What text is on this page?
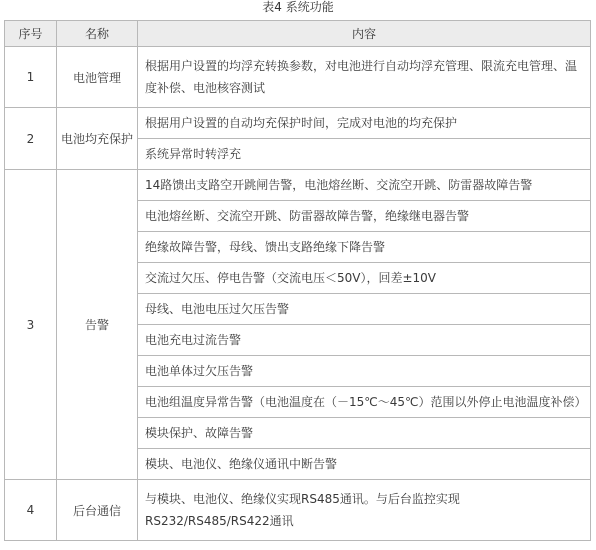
表4 系统功能
序号	名称	内容
1	电池管理	根据用户设置的均浮充转换参数，对电池进行自动均浮充管理、限流充电管理、温度补偿、电池核容测试
2	电池均充保护	根据用户设置的自动均充保护时间，完成对电池的均充保护
		系统异常时转浮充
3	告警	14路馈出支路空开跳闸告警，电池熔丝断、交流空开跳、防雷器故障告警
		电池熔丝断、交流空开跳、防雷器故障告警，绝缘继电器告警
		绝缘故障告警，母线、馈出支路绝缘下降告警
		交流过欠压、停电告警（交流电压＜50V），回差±10V
		母线、电池电压过欠压告警
		电池充电过流告警
		电池单体过欠压告警
		电池组温度异常告警（电池温度在（－15℃～45℃）范围以外停止电池温度补偿）
		模块保护、故障告警
		模块、电池仪、绝缘仪通讯中断告警
4	后台通信	与模块、电池仪、绝缘仪实现RS485通讯。与后台监控实现RS232/RS485/RS422通讯
